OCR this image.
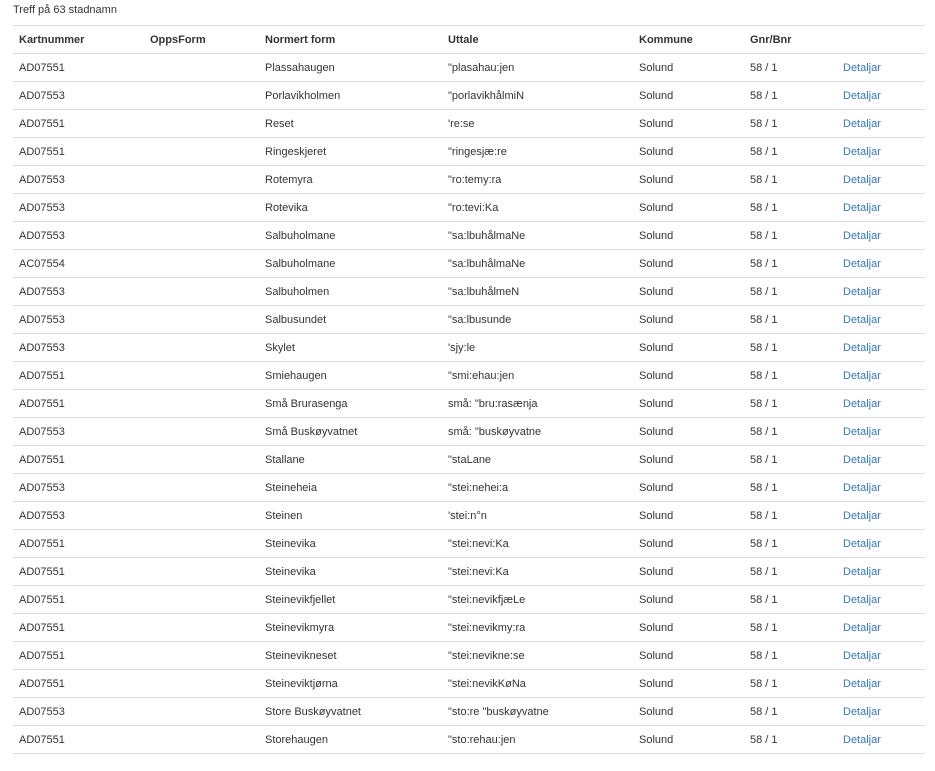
Treff på 63 stadnamn
Kartnummer	OppsForm	Normert form	Uttale	Kommune	Gnr/Bnr	
AD07551		Plassahaugen	"plasahau:jen	Solund	58 / 1	Detaljar
AD07553		Porlavikholmen	"porlavikhålmiN	Solund	58 / 1	Detaljar
AD07551		Reset	're:se	Solund	58 / 1	Detaljar
AD07551		Ringeskjeret	"ringesjæ:re	Solund	58 / 1	Detaljar
AD07553		Rotemyra	"ro:temy:ra	Solund	58 / 1	Detaljar
AD07553		Rotevika	"ro:tevi:Ka	Solund	58 / 1	Detaljar
AD07553		Salbuholmane	"sa:lbuhålmaNe	Solund	58 / 1	Detaljar
AC07554		Salbuholmane	"sa:lbuhålmaNe	Solund	58 / 1	Detaljar
AD07553		Salbuholmen	"sa:lbuhålmeN	Solund	58 / 1	Detaljar
AD07553		Salbusundet	"sa:lbusunde	Solund	58 / 1	Detaljar
AD07553		Skylet	'sjy:le	Solund	58 / 1	Detaljar
AD07551		Smiehaugen	"smi:ehau:jen	Solund	58 / 1	Detaljar
AD07551		Små Brurasenga	små: "bru:rasænja	Solund	58 / 1	Detaljar
AD07553		Små Buskøyvatnet	små: "buskøyvatne	Solund	58 / 1	Detaljar
AD07551		Stallane	"staLane	Solund	58 / 1	Detaljar
AD07553		Steineheia	"stei:nehei:a	Solund	58 / 1	Detaljar
AD07553		Steinen	'stei:n°n	Solund	58 / 1	Detaljar
AD07551		Steinevika	"stei:nevi:Ka	Solund	58 / 1	Detaljar
AD07551		Steinevika	"stei:nevi:Ka	Solund	58 / 1	Detaljar
AD07551		Steinevikfjellet	"stei:nevikfjæLe	Solund	58 / 1	Detaljar
AD07551		Steinevikmyra	"stei:nevikmy:ra	Solund	58 / 1	Detaljar
AD07551		Steinevikneset	"stei:nevikne:se	Solund	58 / 1	Detaljar
AD07551		Steineviktjørna	"stei:nevikKøNa	Solund	58 / 1	Detaljar
AD07553		Store Buskøyvatnet	"sto:re "buskøyvatne	Solund	58 / 1	Detaljar
AD07551		Storehaugen	"sto:rehau:jen	Solund	58 / 1	Detaljar
